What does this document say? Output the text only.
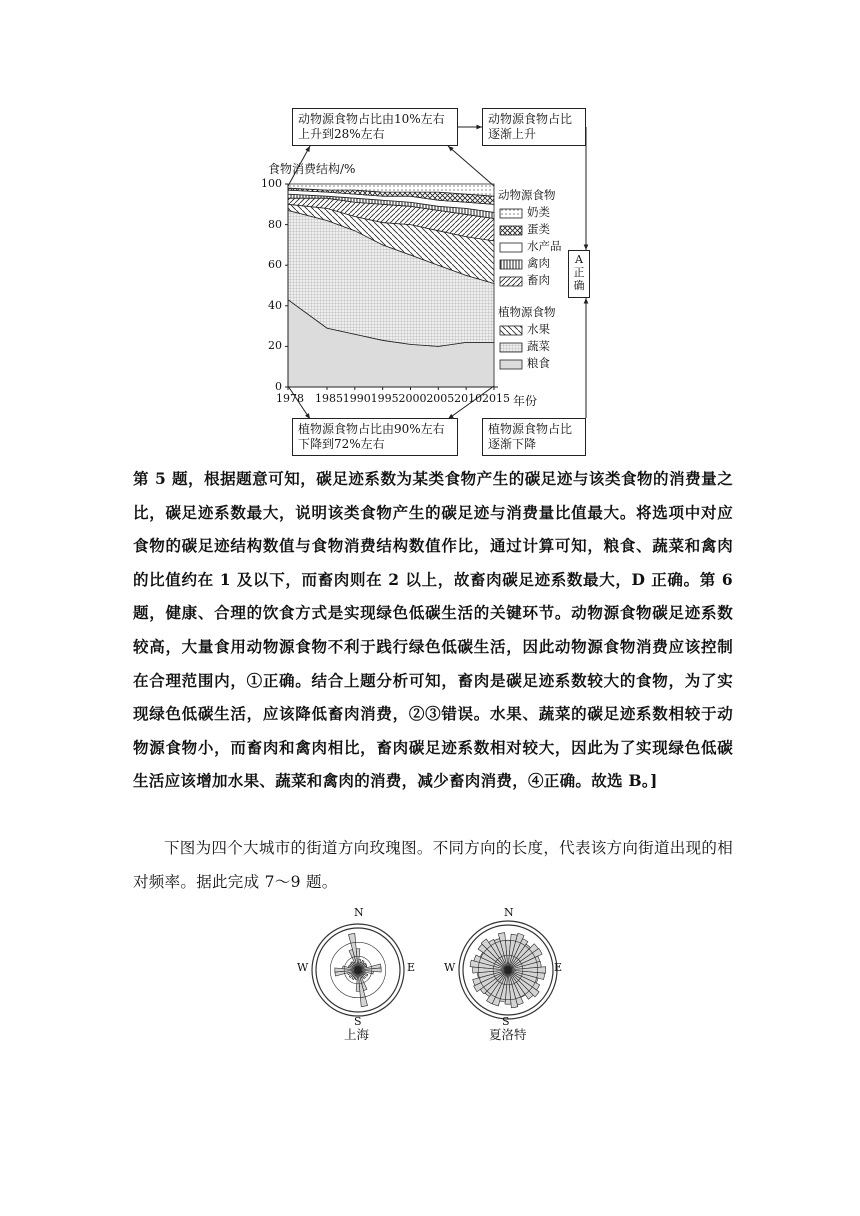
动物源食物占比由10%左右上升到28%左右
动物源食物占比逐渐上升
植物源食物占比由90%左右下降到72%左右
植物源食物占比逐渐下降
A正确
食物消费结构/%
动物源食物
植物源食物
奶类
蛋类
水产品
禽肉
畜肉
水果
蔬菜
粮食
100
80
60
40
20
0
1978 1985 1990 1995 2000 2005 2010 2015 年份

第 5 题，根据题意可知，碳足迹系数为某类食物产生的碳足迹与该类食物的消费量之比，碳足迹系数最大，说明该类食物产生的碳足迹与消费量比值最大。将选项中对应食物的碳足迹结构数值与食物消费结构数值作比，通过计算可知，粮食、蔬菜和禽肉的比值约在 1 及以下，而畜肉则在 2 以上，故畜肉碳足迹系数最大，D 正确。第 6 题，健康、合理的饮食方式是实现绿色低碳生活的关键环节。动物源食物碳足迹系数较高，大量食用动物源食物不利于践行绿色低碳生活，因此动物源食物消费应该控制在合理范围内，①正确。结合上题分析可知，畜肉是碳足迹系数较大的食物，为了实现绿色低碳生活，应该降低畜肉消费，②③错误。水果、蔬菜的碳足迹系数相较于动物源食物小，而畜肉和禽肉相比，畜肉碳足迹系数相对较大，因此为了实现绿色低碳生活应该增加水果、蔬菜和禽肉的消费，减少畜肉消费，④正确。故选 B。]

下图为四个大城市的街道方向玫瑰图。不同方向的长度，代表该方向街道出现的相对频率。据此完成 7～9 题。

N
S
W	E
上海
N
S
W	E
夏洛特
